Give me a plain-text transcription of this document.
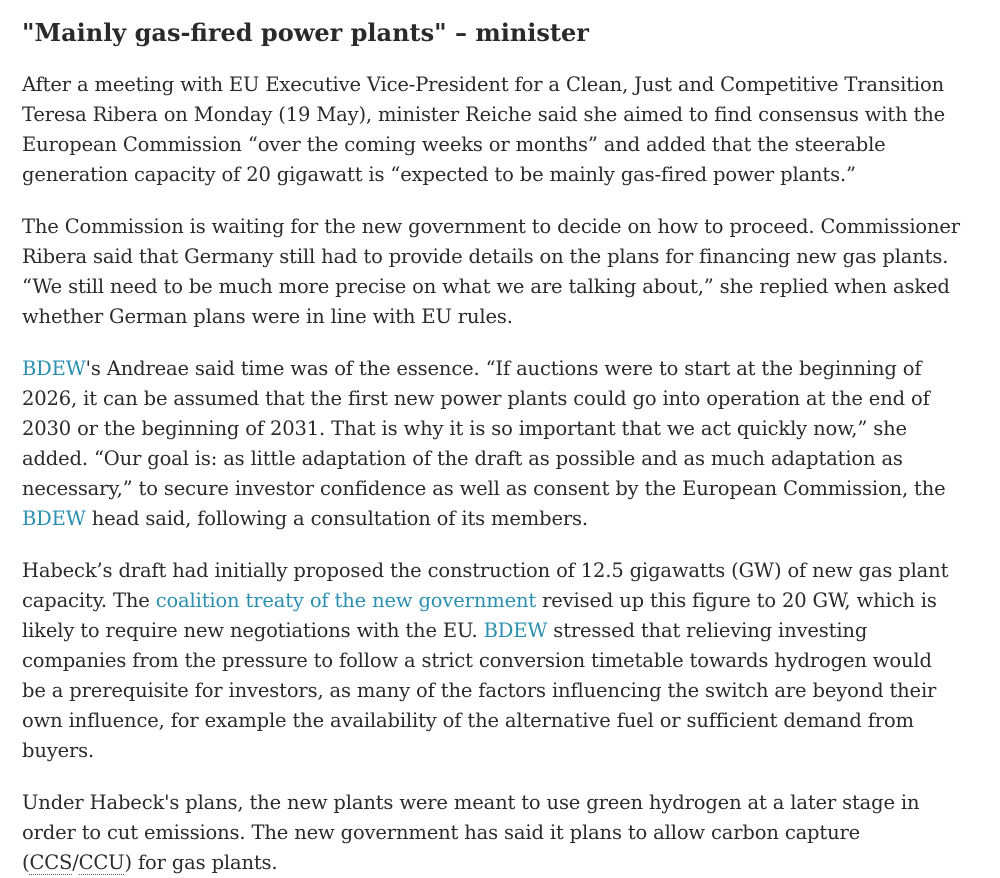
"Mainly gas-fired power plants" – minister

After a meeting with EU Executive Vice-President for a Clean, Just and Competitive Transition Teresa Ribera on Monday (19 May), minister Reiche said she aimed to find consensus with the European Commission “over the coming weeks or months” and added that the steerable generation capacity of 20 gigawatt is “expected to be mainly gas-fired power plants.”

The Commission is waiting for the new government to decide on how to proceed. Commissioner Ribera said that Germany still had to provide details on the plans for financing new gas plants. “We still need to be much more precise on what we are talking about,” she replied when asked whether German plans were in line with EU rules.

BDEW's Andreae said time was of the essence. “If auctions were to start at the beginning of 2026, it can be assumed that the first new power plants could go into operation at the end of 2030 or the beginning of 2031. That is why it is so important that we act quickly now,” she added. “Our goal is: as little adaptation of the draft as possible and as much adaptation as necessary,” to secure investor confidence as well as consent by the European Commission, the BDEW head said, following a consultation of its members.

Habeck’s draft had initially proposed the construction of 12.5 gigawatts (GW) of new gas plant capacity. The coalition treaty of the new government revised up this figure to 20 GW, which is likely to require new negotiations with the EU. BDEW stressed that relieving investing companies from the pressure to follow a strict conversion timetable towards hydrogen would be a prerequisite for investors, as many of the factors influencing the switch are beyond their own influence, for example the availability of the alternative fuel or sufficient demand from buyers.

Under Habeck's plans, the new plants were meant to use green hydrogen at a later stage in order to cut emissions. The new government has said it plans to allow carbon capture (CCS/CCU) for gas plants.
